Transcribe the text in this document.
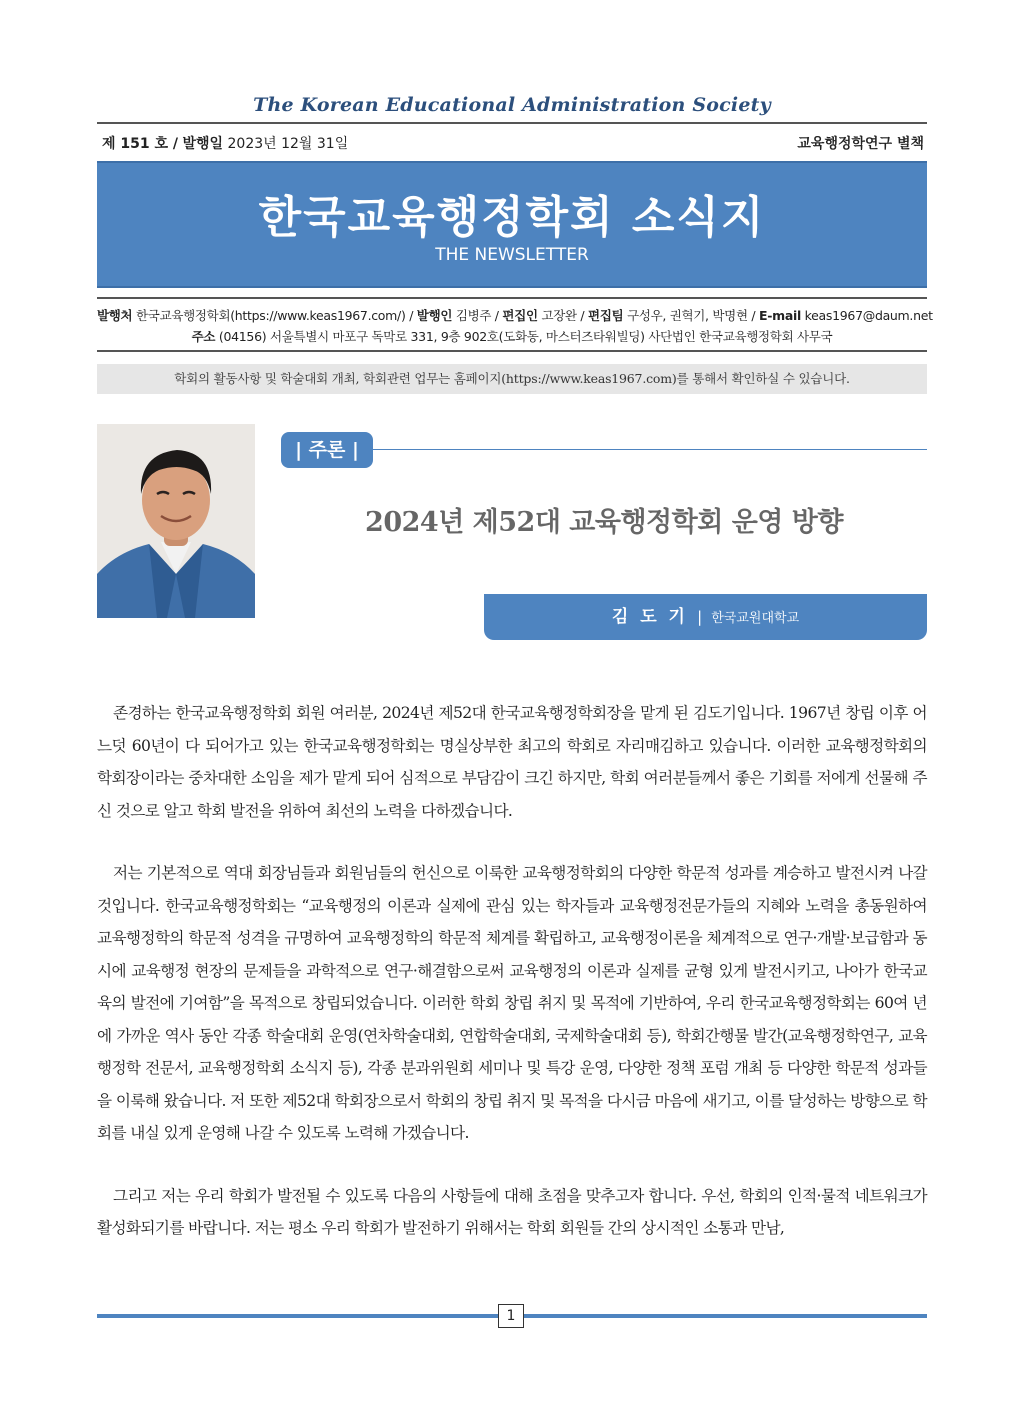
The Korean Educational Administration Society
제 151 호 / 발행일 2023년 12월 31일	교육행정학연구 별책
한국교육행정학회 소식지
THE NEWSLETTER
발행처 한국교육행정학회(https://www.keas1967.com/) / 발행인 김병주 / 편집인 고장완 / 편집팀 구성우, 권혁기, 박명현 / E-mail keas1967@daum.net
주소 (04156) 서울특별시 마포구 독막로 331, 9층 902호(도화동, 마스터즈타워빌딩) 사단법인 한국교육행정학회 사무국
학회의 활동사항 및 학술대회 개최, 학회관련 업무는 홈페이지(https://www.keas1967.com)를 통해서 확인하실 수 있습니다.
| 주론 |
2024년 제52대 교육행정학회 운영 방향
김 도 기 | 한국교원대학교

존경하는 한국교육행정학회 회원 여러분, 2024년 제52대 한국교육행정학회장을 맡게 된 김도기입니다. 1967년 창립 이후 어느덧 60년이 다 되어가고 있는 한국교육행정학회는 명실상부한 최고의 학회로 자리매김하고 있습니다. 이러한 교육행정학회의 학회장이라는 중차대한 소임을 제가 맡게 되어 심적으로 부담감이 크긴 하지만, 학회 여러분들께서 좋은 기회를 저에게 선물해 주신 것으로 알고 학회 발전을 위하여 최선의 노력을 다하겠습니다.

저는 기본적으로 역대 회장님들과 회원님들의 헌신으로 이룩한 교육행정학회의 다양한 학문적 성과를 계승하고 발전시켜 나갈 것입니다. 한국교육행정학회는 “교육행정의 이론과 실제에 관심 있는 학자들과 교육행정전문가들의 지혜와 노력을 총동원하여 교육행정학의 학문적 성격을 규명하여 교육행정학의 학문적 체계를 확립하고, 교육행정이론을 체계적으로 연구·개발·보급함과 동시에 교육행정 현장의 문제들을 과학적으로 연구·해결함으로써 교육행정의 이론과 실제를 균형 있게 발전시키고, 나아가 한국교육의 발전에 기여함”을 목적으로 창립되었습니다. 이러한 학회 창립 취지 및 목적에 기반하여, 우리 한국교육행정학회는 60여 년에 가까운 역사 동안 각종 학술대회 운영(연차학술대회, 연합학술대회, 국제학술대회 등), 학회간행물 발간(교육행정학연구, 교육행정학 전문서, 교육행정학회 소식지 등), 각종 분과위원회 세미나 및 특강 운영, 다양한 정책 포럼 개최 등 다양한 학문적 성과들을 이룩해 왔습니다. 저 또한 제52대 학회장으로서 학회의 창립 취지 및 목적을 다시금 마음에 새기고, 이를 달성하는 방향으로 학회를 내실 있게 운영해 나갈 수 있도록 노력해 가겠습니다.

그리고 저는 우리 학회가 발전될 수 있도록 다음의 사항들에 대해 초점을 맞추고자 합니다. 우선, 학회의 인적·물적 네트워크가 활성화되기를 바랍니다. 저는 평소 우리 학회가 발전하기 위해서는 학회 회원들 간의 상시적인 소통과 만남,

1
